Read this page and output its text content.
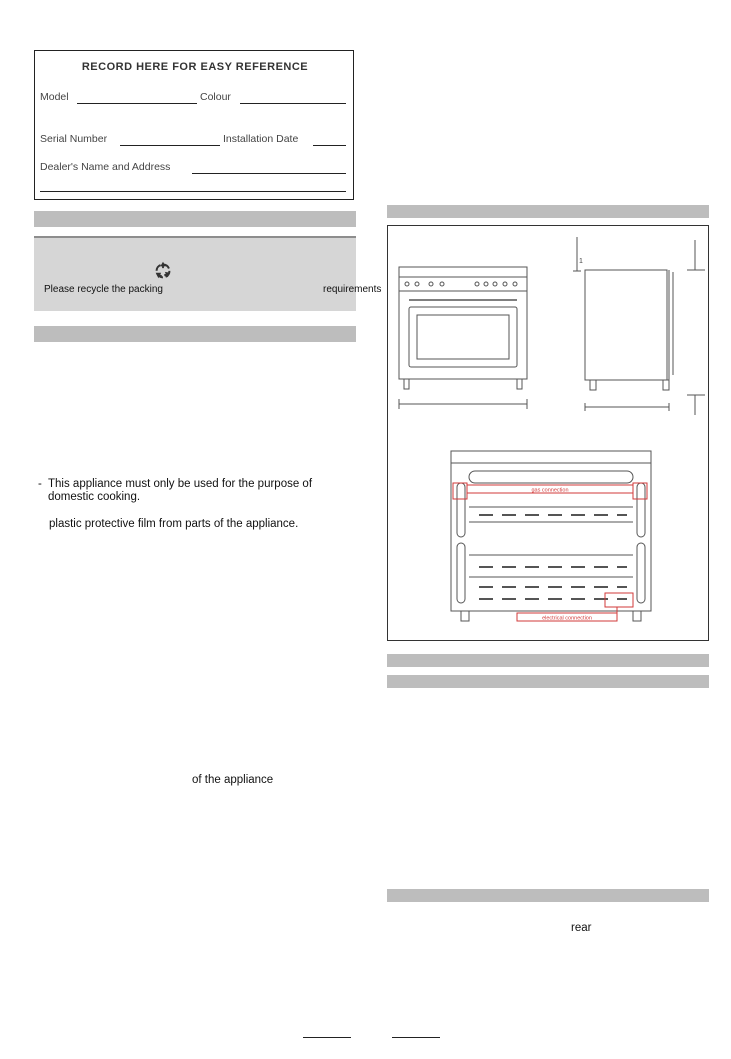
RECORD HERE FOR EASY REFERENCE
Model	Colour
Serial Number	Installation Date
Dealer's Name and Address
Please recycle the packing	requirements
- This appliance must only be used for the purpose of
domestic cooking.
plastic protective film from parts of the appliance.
of the appliance
1
gas connection
electrical connection
rear
